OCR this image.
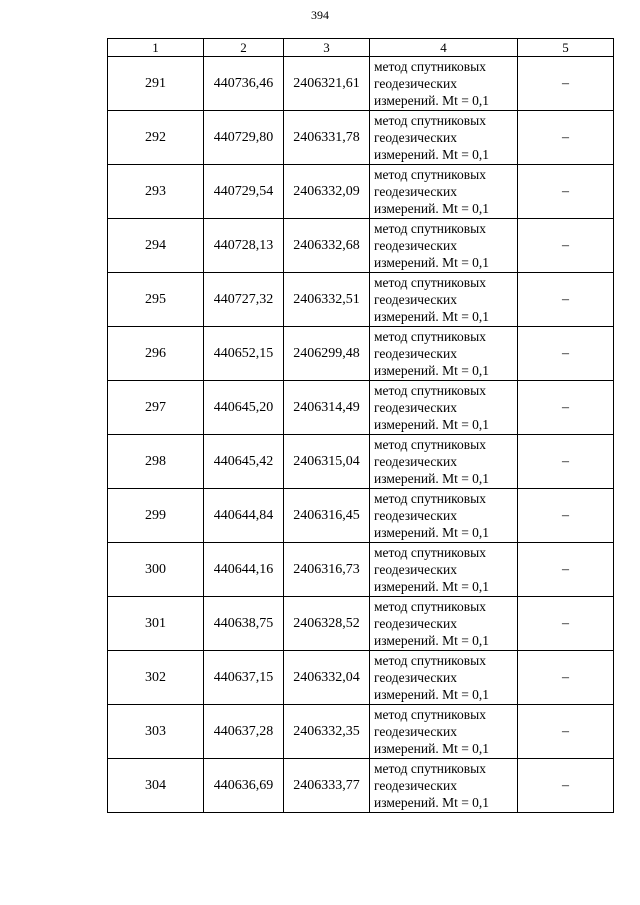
394
1	2	3	4	5
291	440736,46	2406321,61	метод спутниковых
геодезических
измерений. Mt = 0,1	–
292	440729,80	2406331,78	метод спутниковых
геодезических
измерений. Mt = 0,1	–
293	440729,54	2406332,09	метод спутниковых
геодезических
измерений. Mt = 0,1	–
294	440728,13	2406332,68	метод спутниковых
геодезических
измерений. Mt = 0,1	–
295	440727,32	2406332,51	метод спутниковых
геодезических
измерений. Mt = 0,1	–
296	440652,15	2406299,48	метод спутниковых
геодезических
измерений. Mt = 0,1	–
297	440645,20	2406314,49	метод спутниковых
геодезических
измерений. Mt = 0,1	–
298	440645,42	2406315,04	метод спутниковых
геодезических
измерений. Mt = 0,1	–
299	440644,84	2406316,45	метод спутниковых
геодезических
измерений. Mt = 0,1	–
300	440644,16	2406316,73	метод спутниковых
геодезических
измерений. Mt = 0,1	–
301	440638,75	2406328,52	метод спутниковых
геодезических
измерений. Mt = 0,1	–
302	440637,15	2406332,04	метод спутниковых
геодезических
измерений. Mt = 0,1	–
303	440637,28	2406332,35	метод спутниковых
геодезических
измерений. Mt = 0,1	–
304	440636,69	2406333,77	метод спутниковых
геодезических
измерений. Mt = 0,1	–
